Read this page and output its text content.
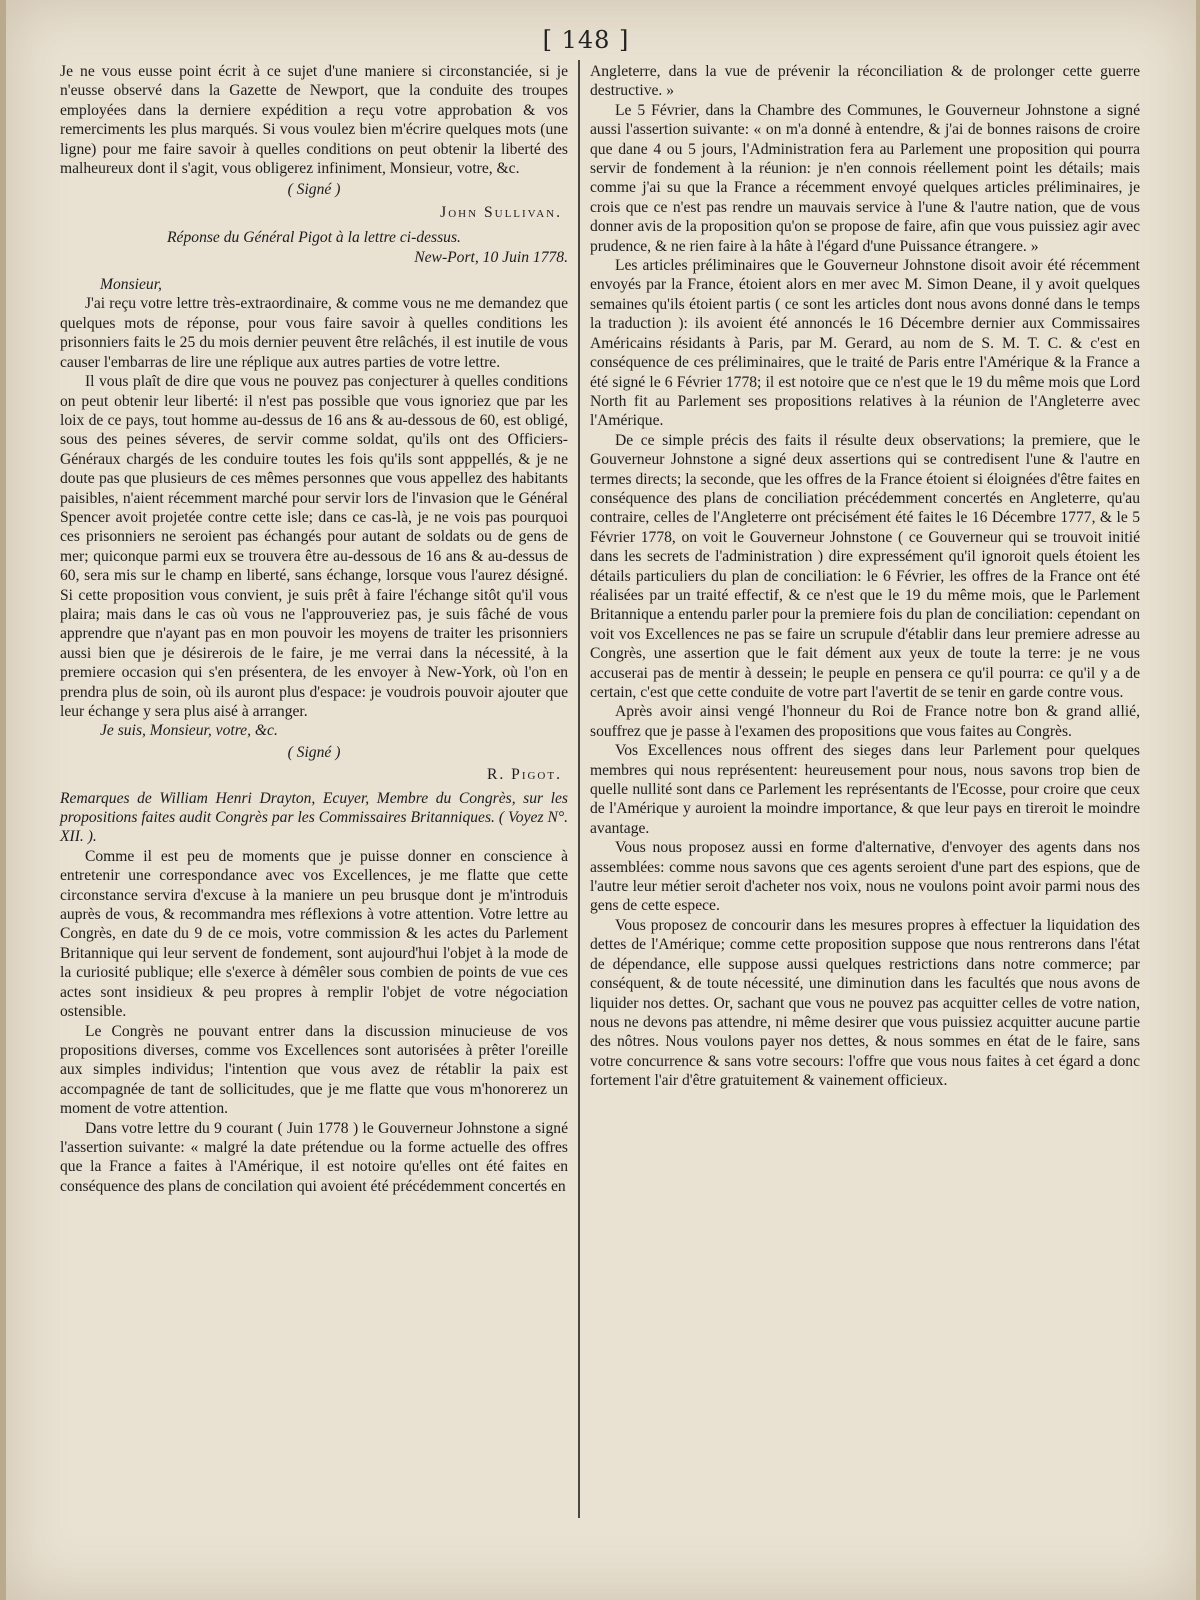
[ 148 ]

Je ne vous eusse point écrit à ce sujet d'une maniere si circonstanciée, si je n'eusse observé dans la Gazette de Newport, que la conduite des troupes employées dans la derniere expédition a reçu votre approbation & vos remerciments les plus marqués. Si vous voulez bien m'écrire quelques mots (une ligne) pour me faire savoir à quelles conditions on peut obtenir la liberté des malheureux dont il s'agit, vous obligerez infiniment, Monsieur, votre, &c.

( Signé )

John Sullivan.

Réponse du Général Pigot à la lettre ci-dessus.

New-Port, 10 Juin 1778.

Monsieur,

J'ai reçu votre lettre très-extraordinaire, & comme vous ne me demandez que quelques mots de réponse, pour vous faire savoir à quelles conditions les prisonniers faits le 25 du mois dernier peuvent être relâchés, il est inutile de vous causer l'embarras de lire une réplique aux autres parties de votre lettre.

Il vous plaît de dire que vous ne pouvez pas conjecturer à quelles conditions on peut obtenir leur liberté: il n'est pas possible que vous ignoriez que par les loix de ce pays, tout homme au-dessus de 16 ans & au-dessous de 60, est obligé, sous des peines séveres, de servir comme soldat, qu'ils ont des Officiers-Généraux chargés de les conduire toutes les fois qu'ils sont apppellés, & je ne doute pas que plusieurs de ces mêmes personnes que vous appellez des habitants paisibles, n'aient récemment marché pour servir lors de l'invasion que le Général Spencer avoit projetée contre cette isle; dans ce cas-là, je ne vois pas pourquoi ces prisonniers ne seroient pas échangés pour autant de soldats ou de gens de mer; quiconque parmi eux se trouvera être au-dessous de 16 ans & au-dessus de 60, sera mis sur le champ en liberté, sans échange, lorsque vous l'aurez désigné. Si cette proposition vous convient, je suis prêt à faire l'échange sitôt qu'il vous plaira; mais dans le cas où vous ne l'approuveriez pas, je suis fâché de vous apprendre que n'ayant pas en mon pouvoir les moyens de traiter les prisonniers aussi bien que je désirerois de le faire, je me verrai dans la nécessité, à la premiere occasion qui s'en présentera, de les envoyer à New-York, où l'on en prendra plus de soin, où ils auront plus d'espace: je voudrois pouvoir ajouter que leur échange y sera plus aisé à arranger.

Je suis, Monsieur, votre, &c.

( Signé )

R. Pigot.

Remarques de William Henri Drayton, Ecuyer, Membre du Congrès, sur les propositions faites audit Congrès par les Commissaires Britanniques. ( Voyez N°. XII. ).

Comme il est peu de moments que je puisse donner en conscience à entretenir une correspondance avec vos Excellences, je me flatte que cette circonstance servira d'excuse à la maniere un peu brusque dont je m'introduis auprès de vous, & recommandra mes réflexions à votre attention. Votre lettre au Congrès, en date du 9 de ce mois, votre commission & les actes du Parlement Britannique qui leur servent de fondement, sont aujourd'hui l'objet à la mode de la curiosité publique; elle s'exerce à démêler sous combien de points de vue ces actes sont insidieux & peu propres à remplir l'objet de votre négociation ostensible.

Le Congrès ne pouvant entrer dans la discussion minucieuse de vos propositions diverses, comme vos Excellences sont autorisées à prêter l'oreille aux simples individus; l'intention que vous avez de rétablir la paix est accompagnée de tant de sollicitudes, que je me flatte que vous m'honorerez un moment de votre attention.

Dans votre lettre du 9 courant ( Juin 1778 ) le Gouverneur Johnstone a signé l'assertion suivante: « malgré la date prétendue ou la forme actuelle des offres que la France a faites à l'Amérique, il est notoire qu'elles ont été faites en conséquence des plans de concilation qui avoient été précédemment concertés en

Angleterre, dans la vue de prévenir la réconciliation & de prolonger cette guerre destructive. »

Le 5 Février, dans la Chambre des Communes, le Gouverneur Johnstone a signé aussi l'assertion suivante: « on m'a donné à entendre, & j'ai de bonnes raisons de croire que dane 4 ou 5 jours, l'Administration fera au Parlement une proposition qui pourra servir de fondement à la réunion: je n'en connois réellement point les détails; mais comme j'ai su que la France a récemment envoyé quelques articles préliminaires, je crois que ce n'est pas rendre un mauvais service à l'une & l'autre nation, que de vous donner avis de la proposition qu'on se propose de faire, afin que vous puissiez agir avec prudence, & ne rien faire à la hâte à l'égard d'une Puissance étrangere. »

Les articles préliminaires que le Gouverneur Johnstone disoit avoir été récemment envoyés par la France, étoient alors en mer avec M. Simon Deane, il y avoit quelques semaines qu'ils étoient partis ( ce sont les articles dont nous avons donné dans le temps la traduction ): ils avoient été annoncés le 16 Décembre dernier aux Commissaires Américains résidants à Paris, par M. Gerard, au nom de S. M. T. C. & c'est en conséquence de ces préliminaires, que le traité de Paris entre l'Amérique & la France a été signé le 6 Février 1778; il est notoire que ce n'est que le 19 du même mois que Lord North fit au Parlement ses propositions relatives à la réunion de l'Angleterre avec l'Amérique.

De ce simple précis des faits il résulte deux observations; la premiere, que le Gouverneur Johnstone a signé deux assertions qui se contredisent l'une & l'autre en termes directs; la seconde, que les offres de la France étoient si éloignées d'être faites en conséquence des plans de conciliation précédemment concertés en Angleterre, qu'au contraire, celles de l'Angleterre ont précisément été faites le 16 Décembre 1777, & le 5 Février 1778, on voit le Gouverneur Johnstone ( ce Gouverneur qui se trouvoit initié dans les secrets de l'administration ) dire expressément qu'il ignoroit quels étoient les détails particuliers du plan de conciliation: le 6 Février, les offres de la France ont été réalisées par un traité effectif, & ce n'est que le 19 du même mois, que le Parlement Britannique a entendu parler pour la premiere fois du plan de conciliation: cependant on voit vos Excellences ne pas se faire un scrupule d'établir dans leur premiere adresse au Congrès, une assertion que le fait dément aux yeux de toute la terre: je ne vous accuserai pas de mentir à dessein; le peuple en pensera ce qu'il pourra: ce qu'il y a de certain, c'est que cette conduite de votre part l'avertit de se tenir en garde contre vous.

Après avoir ainsi vengé l'honneur du Roi de France notre bon & grand allié, souffrez que je passe à l'examen des propositions que vous faites au Congrès.

Vos Excellences nous offrent des sieges dans leur Parlement pour quelques membres qui nous représentent: heureusement pour nous, nous savons trop bien de quelle nullité sont dans ce Parlement les représentants de l'Ecosse, pour croire que ceux de l'Amérique y auroient la moindre importance, & que leur pays en tireroit le moindre avantage.

Vous nous proposez aussi en forme d'alternative, d'envoyer des agents dans nos assemblées: comme nous savons que ces agents seroient d'une part des espions, que de l'autre leur métier seroit d'acheter nos voix, nous ne voulons point avoir parmi nous des gens de cette espece.

Vous proposez de concourir dans les mesures propres à effectuer la liquidation des dettes de l'Amérique; comme cette proposition suppose que nous rentrerons dans l'état de dépendance, elle suppose aussi quelques restrictions dans notre commerce; par conséquent, & de toute nécessité, une diminution dans les facultés que nous avons de liquider nos dettes. Or, sachant que vous ne pouvez pas acquitter celles de votre nation, nous ne devons pas attendre, ni même desirer que vous puissiez acquitter aucune partie des nôtres. Nous voulons payer nos dettes, & nous sommes en état de le faire, sans votre concurrence & sans votre secours: l'offre que vous nous faites à cet égard a donc fortement l'air d'être gratuitement & vainement officieux.
